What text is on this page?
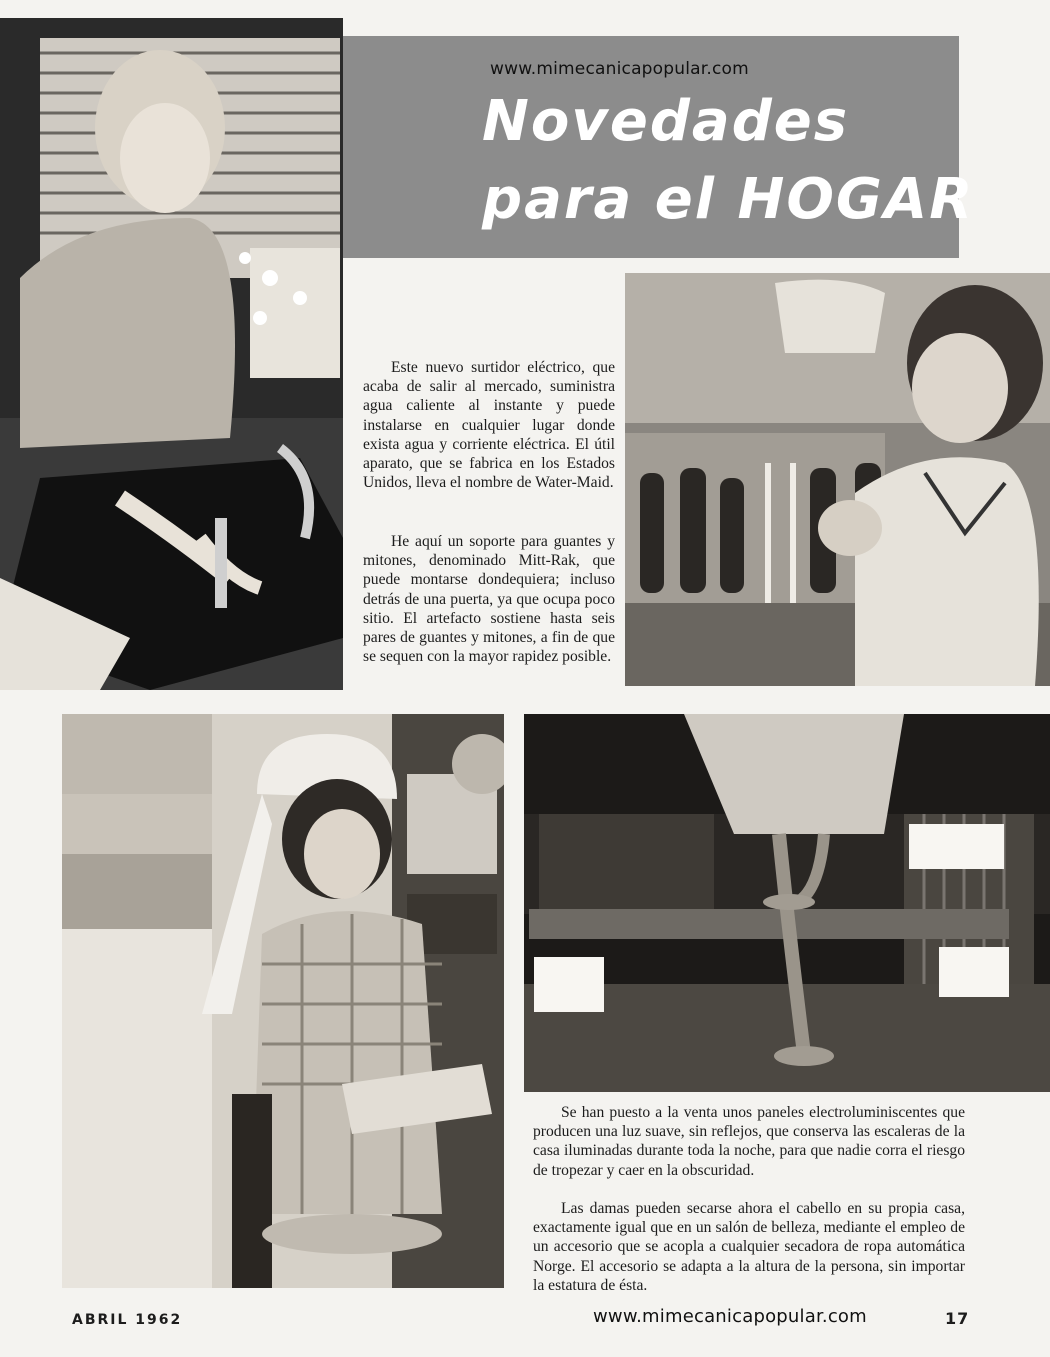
www.mimecanicapopular.com
Novedades
para el HOGAR

Este nuevo surtidor eléctrico, que acaba de salir al mercado, suministra agua caliente al instante y puede instalarse en cualquier lugar donde exista agua y corriente eléctrica. El útil aparato, que se fabrica en los Estados Unidos, lleva el nombre de Water-Maid.

He aquí un soporte para guantes y mitones, denominado Mitt-Rak, que puede montarse dondequiera; incluso detrás de una puerta, ya que ocupa poco sitio. El artefacto sostiene hasta seis pares de guantes y mitones, a fin de que se sequen con la mayor rapidez posible.

Se han puesto a la venta unos paneles electroluminiscentes que producen una luz suave, sin reflejos, que conserva las escaleras de la casa iluminadas durante toda la noche, para que nadie corra el riesgo de tropezar y caer en la obscuridad.

Las damas pueden secarse ahora el cabello en su propia casa, exactamente igual que en un salón de belleza, mediante el empleo de un accesorio que se acopla a cualquier secadora de ropa automática Norge. El accesorio se adapta a la altura de la persona, sin importar la estatura de ésta.

ABRIL 1962	www.mimecanicapopular.com	17
